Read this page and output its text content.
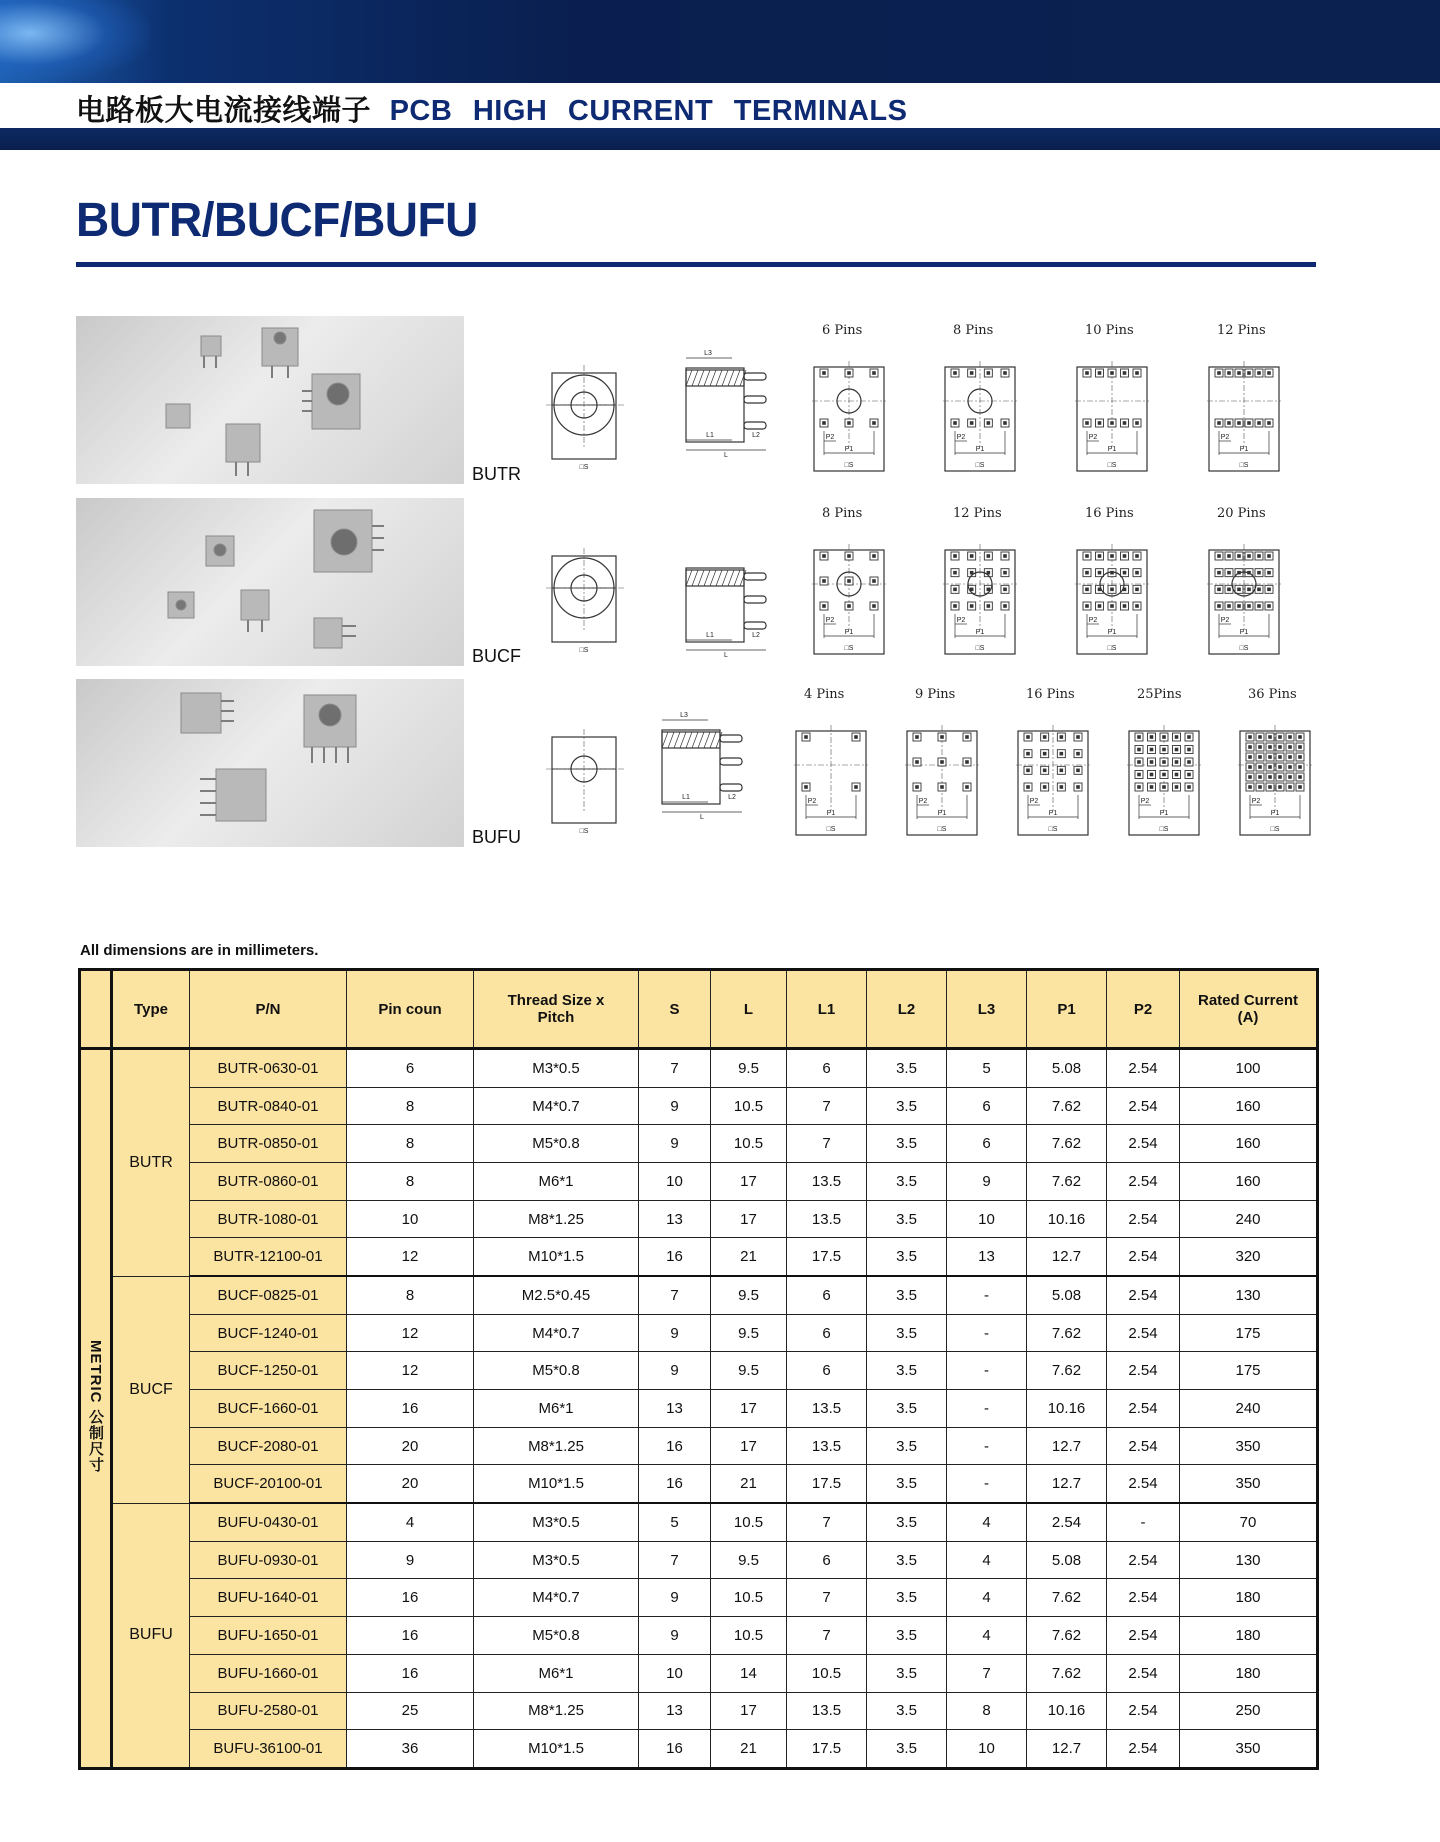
电路板大电流接线端子 PCB HIGH CURRENT TERMINALS
BUTR/BUCF/BUFU
BUTR
BUCF
BUFU
□S
L3
L1	L2
L
6 Pins
P2
P1
□S
8 Pins
P2
P1
□S
10 Pins
P2
P1
□S
12 Pins
P2
P1
□S
□S
L1	L2
L
8 Pins
P2
P1
□S
12 Pins
P2
P1
□S
16 Pins
P2
P1
□S
20 Pins
P2
P1
□S
□S
L3
L1	L2
L
4 Pins
P2
P1
□S
9 Pins
P2
P1
□S
16 Pins
P2
P1
□S
25Pins
P2
P1
□S
36 Pins
P2
P1
□S
All dimensions are in millimeters.
	Type	P/N	Pin coun	Thread Size x Pitch	S	L	L1	L2	L3	P1	P2	Rated Current (A)
METRIC 公制尺寸	BUTR	BUTR-0630-01	6	M3*0.5	7	9.5	6	3.5	5	5.08	2.54	100
		BUTR-0840-01	8	M4*0.7	9	10.5	7	3.5	6	7.62	2.54	160
		BUTR-0850-01	8	M5*0.8	9	10.5	7	3.5	6	7.62	2.54	160
		BUTR-0860-01	8	M6*1	10	17	13.5	3.5	9	7.62	2.54	160
		BUTR-1080-01	10	M8*1.25	13	17	13.5	3.5	10	10.16	2.54	240
		BUTR-12100-01	12	M10*1.5	16	21	17.5	3.5	13	12.7	2.54	320
	BUCF	BUCF-0825-01	8	M2.5*0.45	7	9.5	6	3.5	-	5.08	2.54	130
		BUCF-1240-01	12	M4*0.7	9	9.5	6	3.5	-	7.62	2.54	175
		BUCF-1250-01	12	M5*0.8	9	9.5	6	3.5	-	7.62	2.54	175
		BUCF-1660-01	16	M6*1	13	17	13.5	3.5	-	10.16	2.54	240
		BUCF-2080-01	20	M8*1.25	16	17	13.5	3.5	-	12.7	2.54	350
		BUCF-20100-01	20	M10*1.5	16	21	17.5	3.5	-	12.7	2.54	350
	BUFU	BUFU-0430-01	4	M3*0.5	5	10.5	7	3.5	4	2.54	-	70
		BUFU-0930-01	9	M3*0.5	7	9.5	6	3.5	4	5.08	2.54	130
		BUFU-1640-01	16	M4*0.7	9	10.5	7	3.5	4	7.62	2.54	180
		BUFU-1650-01	16	M5*0.8	9	10.5	7	3.5	4	7.62	2.54	180
		BUFU-1660-01	16	M6*1	10	14	10.5	3.5	7	7.62	2.54	180
		BUFU-2580-01	25	M8*1.25	13	17	13.5	3.5	8	10.16	2.54	250
		BUFU-36100-01	36	M10*1.5	16	21	17.5	3.5	10	12.7	2.54	350
